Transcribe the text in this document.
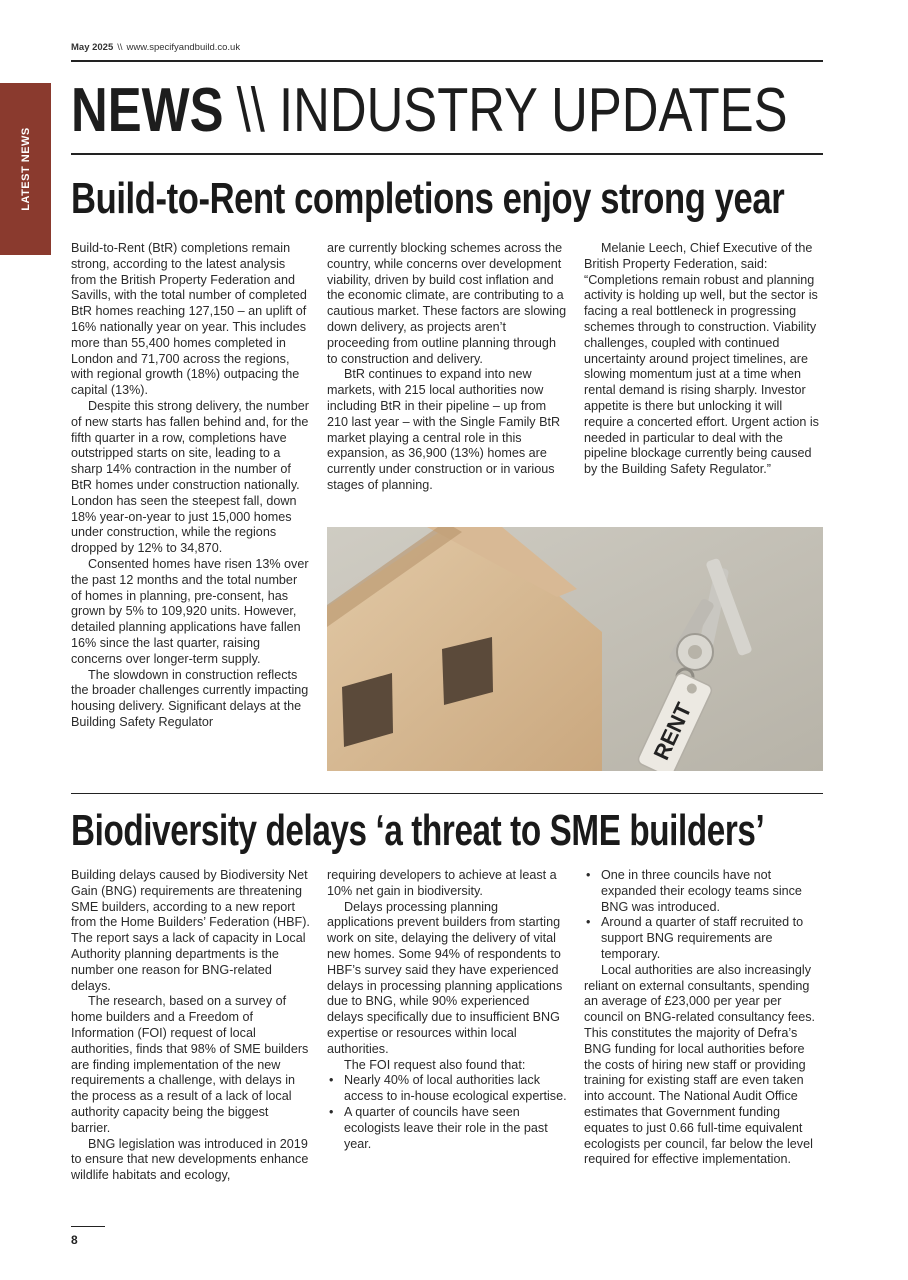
May 2025 \\ www.specifyandbuild.co.uk
LATEST NEWS
NEWS \\ INDUSTRY UPDATES
Build-to-Rent completions enjoy strong year

Build-to-Rent (BtR) completions remain strong, according to the latest analysis from the British Property Federation and Savills, with the total number of completed BtR homes reaching 127,150 – an uplift of 16% nationally year on year. This includes more than 55,400 homes completed in London and 71,700 across the regions, with regional growth (18%) outpacing the capital (13%).

Despite this strong delivery, the number of new starts has fallen behind and, for the fifth quarter in a row, completions have outstripped starts on site, leading to a sharp 14% contraction in the number of BtR homes under construction nationally. London has seen the steepest fall, down 18% year-on-year to just 15,000 homes under construction, while the regions dropped by 12% to 34,870.

Consented homes have risen 13% over the past 12 months and the total number of homes in planning, pre-consent, has grown by 5% to 109,920 units. However, detailed planning applications have fallen 16% since the last quarter, raising concerns over longer-term supply.

The slowdown in construction reflects the broader challenges currently impacting housing delivery. Significant delays at the Building Safety Regulator

are currently blocking schemes across the country, while concerns over development viability, driven by build cost inflation and the economic climate, are contributing to a cautious market. These factors are slowing down delivery, as projects aren’t proceeding from outline planning through to construction and delivery.

BtR continues to expand into new markets, with 215 local authorities now including BtR in their pipeline – up from 210 last year – with the Single Family BtR market playing a central role in this expansion, as 36,900 (13%) homes are currently under construction or in various stages of planning.

Melanie Leech, Chief Executive of the British Property Federation, said: “Completions remain robust and planning activity is holding up well, but the sector is facing a real bottleneck in progressing schemes through to construction. Viability challenges, coupled with continued uncertainty around project timelines, are slowing momentum just at a time when rental demand is rising sharply. Investor appetite is there but unlocking it will require a concerted effort. Urgent action is needed in particular to deal with the pipeline blockage currently being caused by the Building Safety Regulator.”

RENT
Biodiversity delays ‘a threat to SME builders’

Building delays caused by Biodiversity Net Gain (BNG) requirements are threatening SME builders, according to a new report from the Home Builders’ Federation (HBF). The report says a lack of capacity in Local Authority planning departments is the number one reason for BNG-related delays.

The research, based on a survey of home builders and a Freedom of Information (FOI) request of local authorities, finds that 98% of SME builders are finding implementation of the new requirements a challenge, with delays in the process as a result of a lack of local authority capacity being the biggest barrier.

BNG legislation was introduced in 2019 to ensure that new developments enhance wildlife habitats and ecology,

requiring developers to achieve at least a 10% net gain in biodiversity.

Delays processing planning applications prevent builders from starting work on site, delaying the delivery of vital new homes. Some 94% of respondents to HBF’s survey said they have experienced delays in processing planning applications due to BNG, while 90% experienced delays specifically due to insufficient BNG expertise or resources within local authorities.

The FOI request also found that:

• Nearly 40% of local authorities lack access to in-house ecological expertise.
• A quarter of councils have seen ecologists leave their role in the past year.
• One in three councils have not expanded their ecology teams since BNG was introduced.
• Around a quarter of staff recruited to support BNG requirements are temporary.

Local authorities are also increasingly reliant on external consultants, spending an average of £23,000 per year per council on BNG-related consultancy fees. This constitutes the majority of Defra’s BNG funding for local authorities before the costs of hiring new staff or providing training for existing staff are even taken into account. The National Audit Office estimates that Government funding equates to just 0.66 full-time equivalent ecologists per council, far below the level required for effective implementation.

8
